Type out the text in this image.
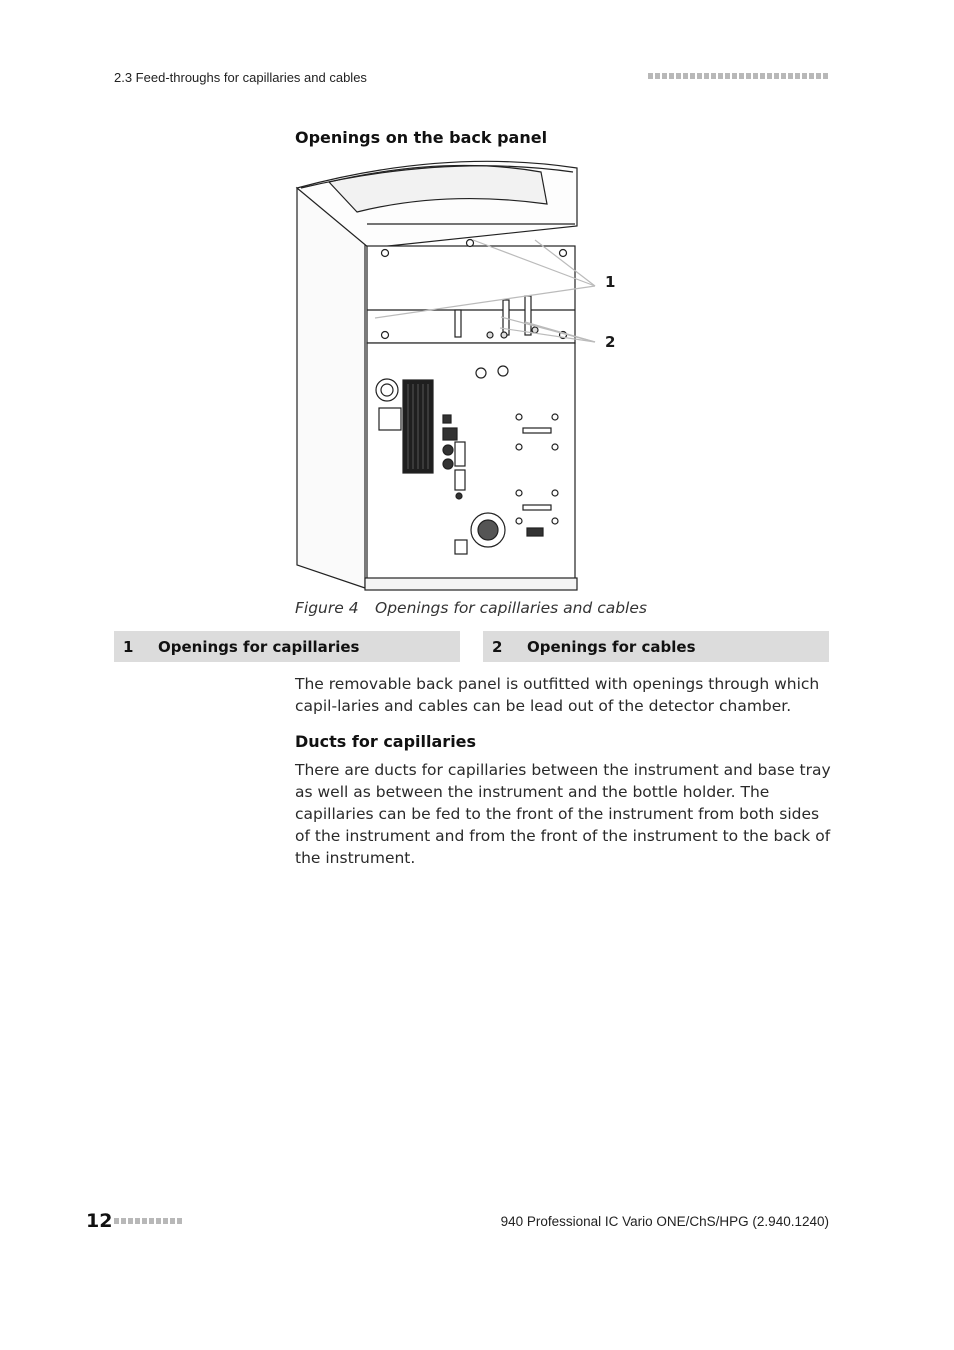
2.3 Feed-throughs for capillaries and cables
Openings on the back panel
1
2
Figure 4 Openings for capillaries and cables
1	Openings for capillaries	2	Openings for cables
The removable back panel is outfitted with openings through which capil-laries and cables can be lead out of the detector chamber.
Ducts for capillaries
There are ducts for capillaries between the instrument and base tray as well as between the instrument and the bottle holder. The capillaries can be fed to the front of the instrument from both sides of the instrument and from the front of the instrument to the back of the instrument.
12	940 Professional IC Vario ONE/ChS/HPG (2.940.1240)
